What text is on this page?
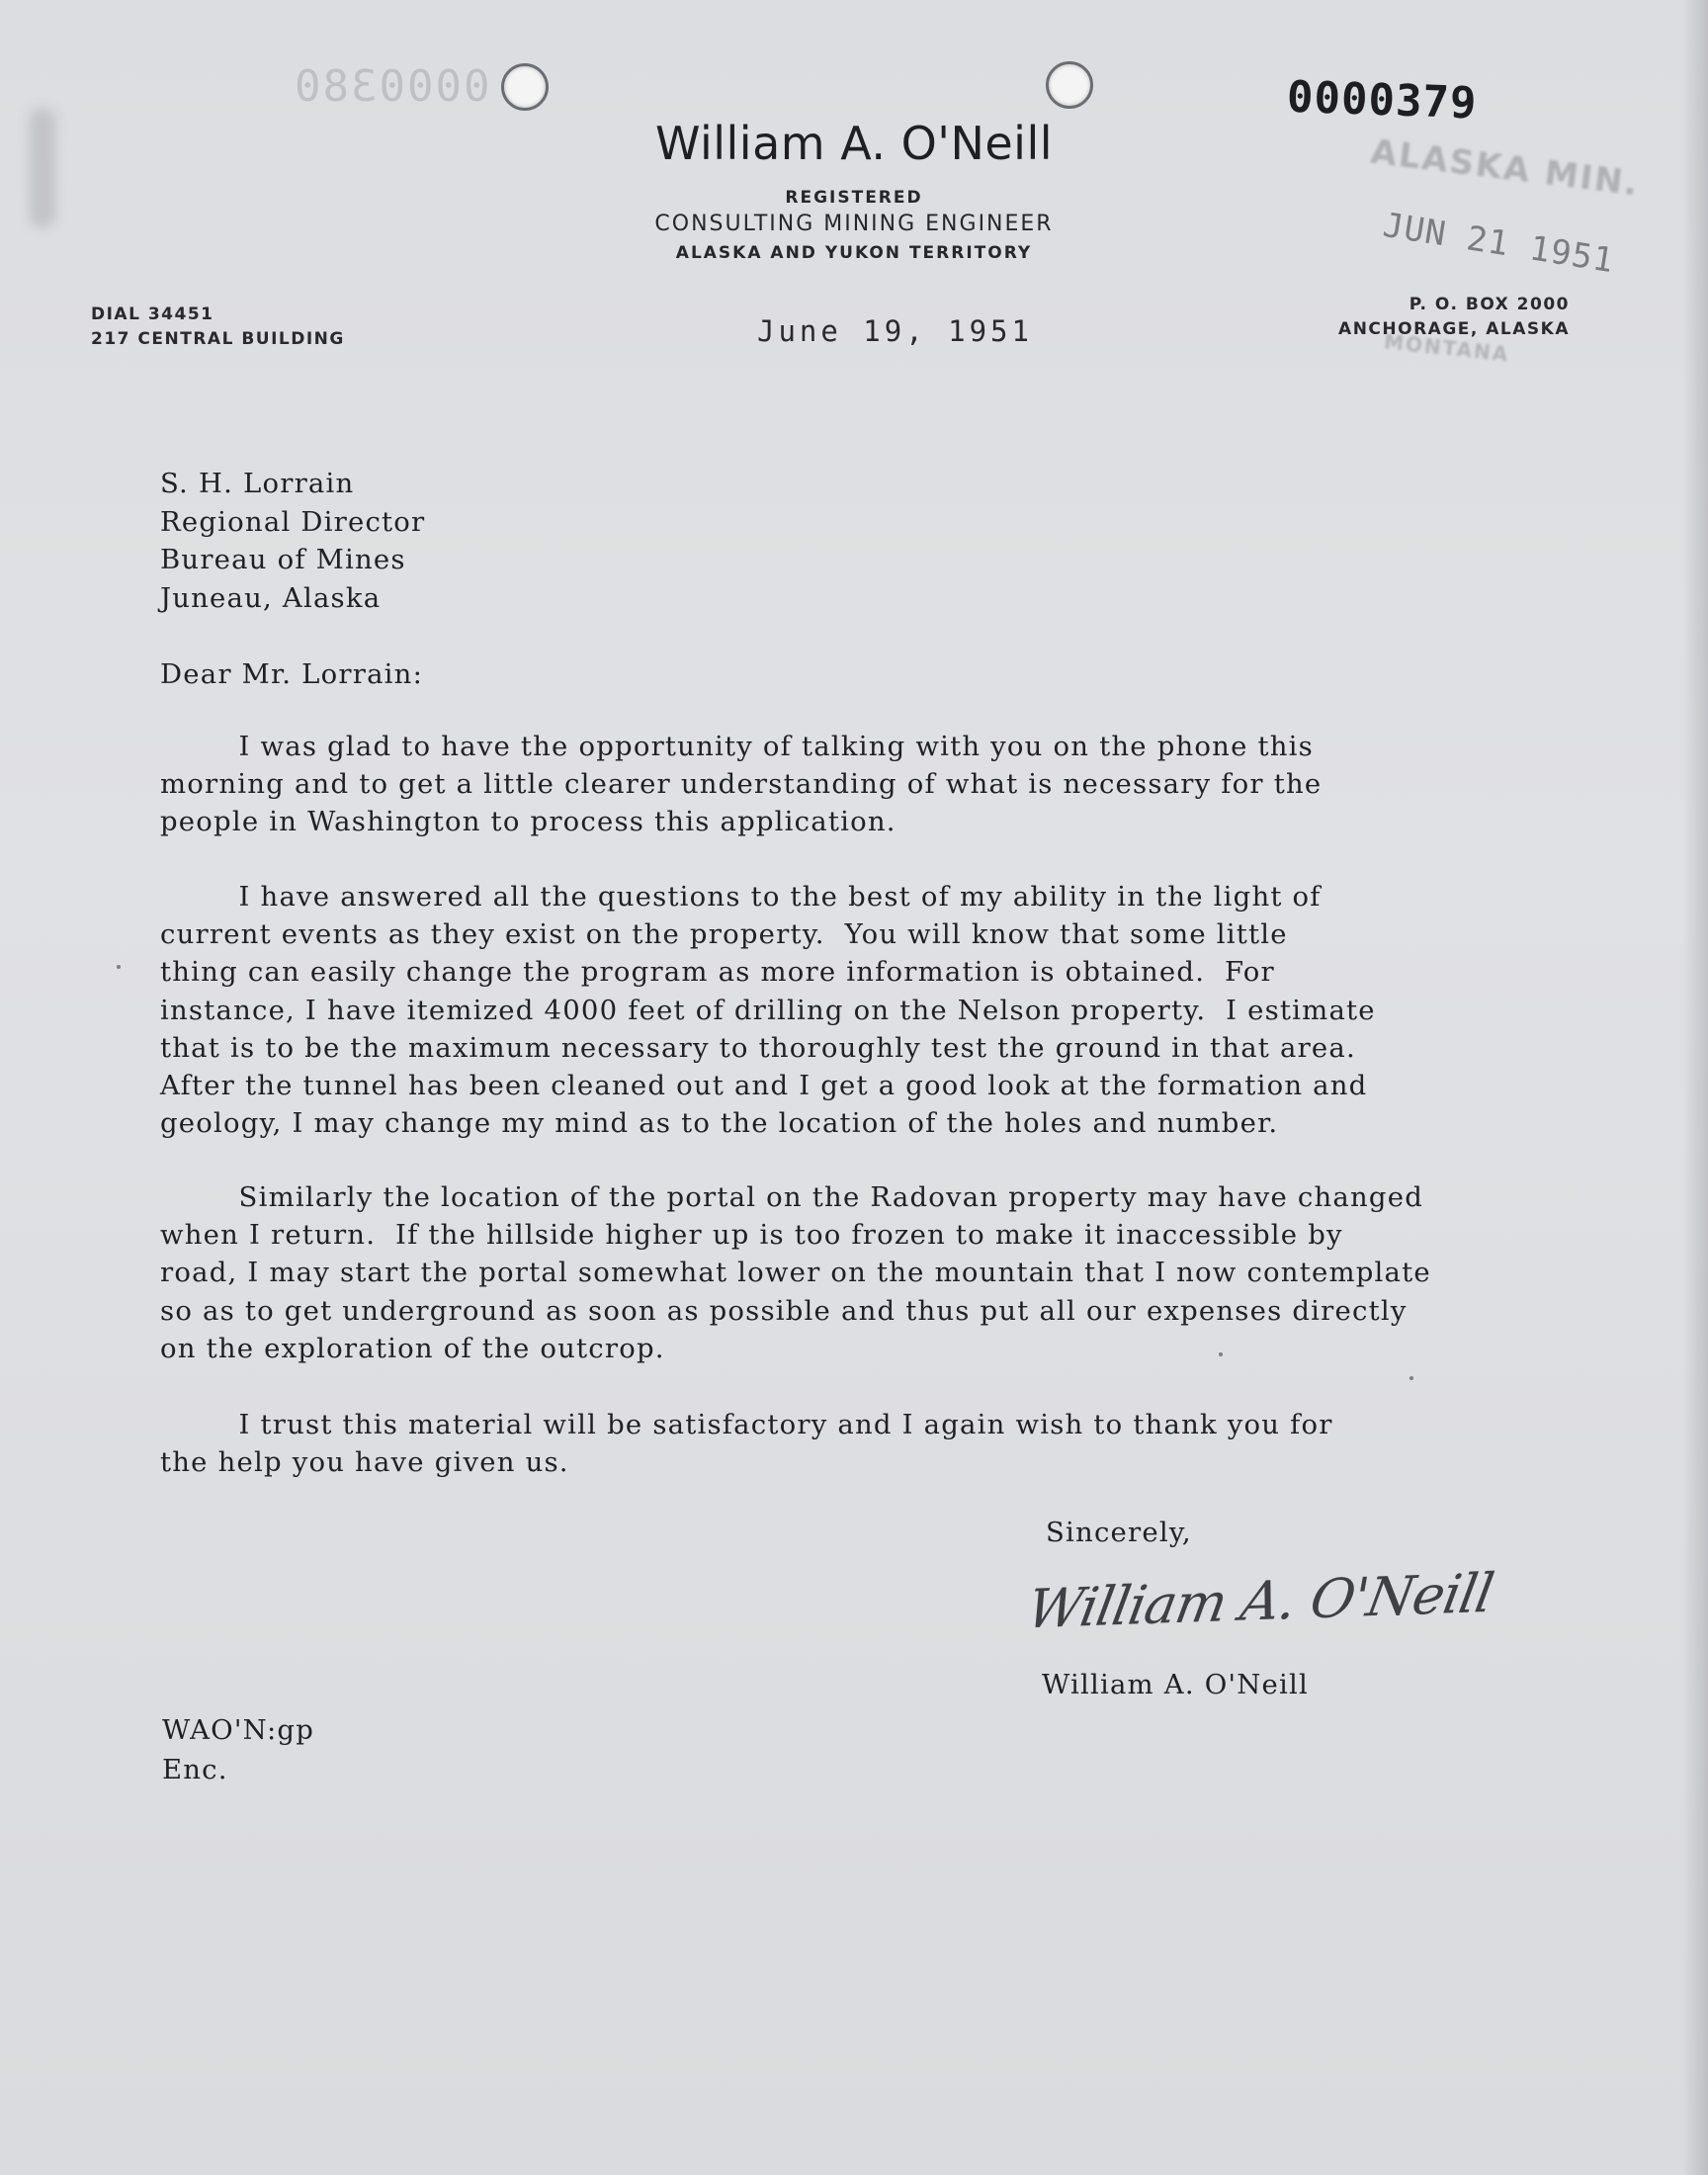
0000380	0000379
ALASKA MIN.
MONTANA
JUN 21 1951
William A. O'Neill
REGISTERED
CONSULTING MINING ENGINEER
ALASKA AND YUKON TERRITORY
DIAL 34451
217 CENTRAL BUILDING
P. O. BOX 2000
ANCHORAGE, ALASKA
June 19, 1951
S. H. Lorrain
Regional Director
Bureau of Mines
Juneau, Alaska
Dear Mr. Lorrain:
I was glad to have the opportunity of talking with you on the phone this
morning and to get a little clearer understanding of what is necessary for the
people in Washington to process this application.
I have answered all the questions to the best of my ability in the light of
current events as they exist on the property.  You will know that some little
thing can easily change the program as more information is obtained.  For
instance, I have itemized 4000 feet of drilling on the Nelson property.  I estimate
that is to be the maximum necessary to thoroughly test the ground in that area.
After the tunnel has been cleaned out and I get a good look at the formation and
geology, I may change my mind as to the location of the holes and number.
Similarly the location of the portal on the Radovan property may have changed
when I return.  If the hillside higher up is too frozen to make it inaccessible by
road, I may start the portal somewhat lower on the mountain that I now contemplate
so as to get underground as soon as possible and thus put all our expenses directly
on the exploration of the outcrop.
I trust this material will be satisfactory and I again wish to thank you for
the help you have given us.
Sincerely,
William A. O'Neill
William A. O'Neill
WAO'N:gp
Enc.
